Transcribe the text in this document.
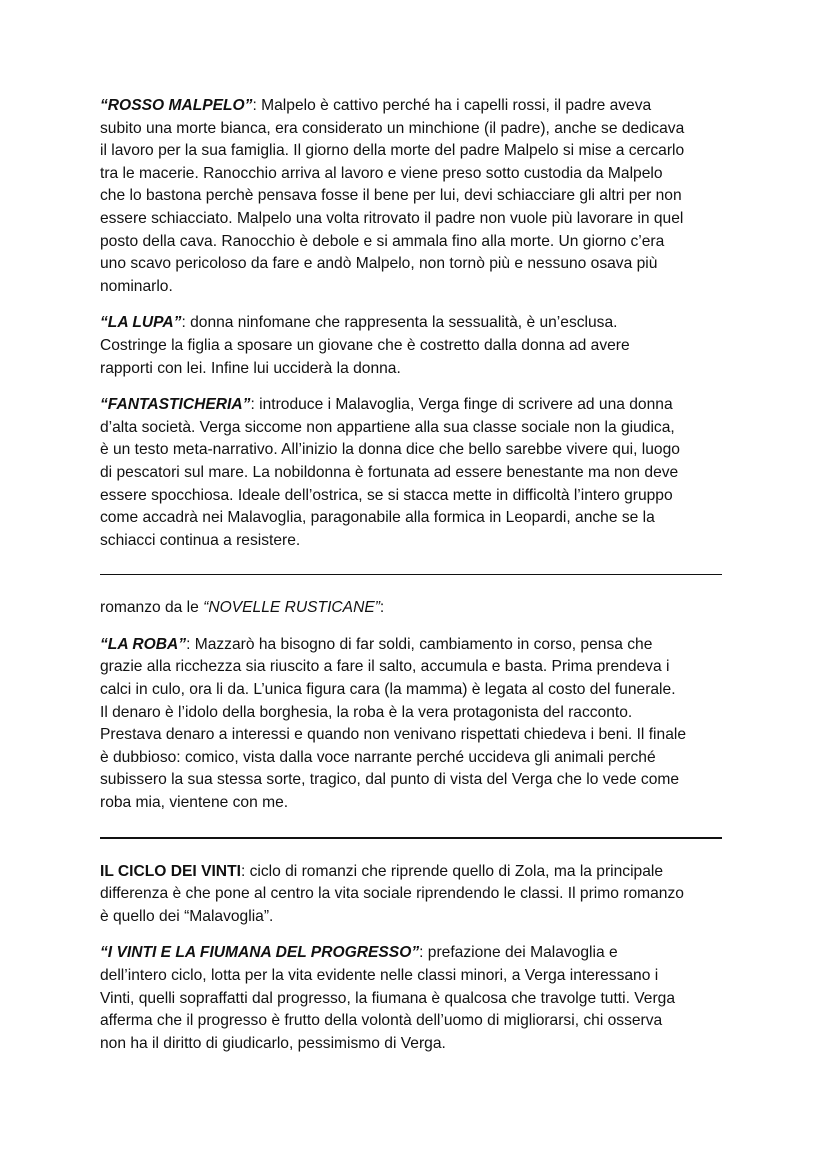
“ROSSO MALPELO”: Malpelo è cattivo perché ha i capelli rossi, il padre aveva
subito una morte bianca, era considerato un minchione (il padre), anche se dedicava
il lavoro per la sua famiglia. Il giorno della morte del padre Malpelo si mise a cercarlo
tra le macerie. Ranocchio arriva al lavoro e viene preso sotto custodia da Malpelo
che lo bastona perchè pensava fosse il bene per lui, devi schiacciare gli altri per non
essere schiacciato. Malpelo una volta ritrovato il padre non vuole più lavorare in quel
posto della cava. Ranocchio è debole e si ammala fino alla morte. Un giorno c’era
uno scavo pericoloso da fare e andò Malpelo, non tornò più e nessuno osava più
nominarlo.

“LA LUPA”: donna ninfomane che rappresenta la sessualità, è un’esclusa.
Costringe la figlia a sposare un giovane che è costretto dalla donna ad avere
rapporti con lei. Infine lui ucciderà la donna.

“FANTASTICHERIA”: introduce i Malavoglia, Verga finge di scrivere ad una donna
d’alta società. Verga siccome non appartiene alla sua classe sociale non la giudica,
è un testo meta-narrativo. All’inizio la donna dice che bello sarebbe vivere qui, luogo
di pescatori sul mare. La nobildonna è fortunata ad essere benestante ma non deve
essere spocchiosa. Ideale dell’ostrica, se si stacca mette in difficoltà l’intero gruppo
come accadrà nei Malavoglia, paragonabile alla formica in Leopardi, anche se la
schiacci continua a resistere.

romanzo da le “NOVELLE RUSTICANE”:

“LA ROBA”: Mazzarò ha bisogno di far soldi, cambiamento in corso, pensa che
grazie alla ricchezza sia riuscito a fare il salto, accumula e basta. Prima prendeva i
calci in culo, ora li da. L’unica figura cara (la mamma) è legata al costo del funerale.
Il denaro è l’idolo della borghesia, la roba è la vera protagonista del racconto.
Prestava denaro a interessi e quando non venivano rispettati chiedeva i beni. Il finale
è dubbioso: comico, vista dalla voce narrante perché uccideva gli animali perché
subissero la sua stessa sorte, tragico, dal punto di vista del Verga che lo vede come
roba mia, vientene con me.

IL CICLO DEI VINTI: ciclo di romanzi che riprende quello di Zola, ma la principale
differenza è che pone al centro la vita sociale riprendendo le classi. Il primo romanzo
è quello dei “Malavoglia”.

“I VINTI E LA FIUMANA DEL PROGRESSO”: prefazione dei Malavoglia e
dell’intero ciclo, lotta per la vita evidente nelle classi minori, a Verga interessano i
Vinti, quelli sopraffatti dal progresso, la fiumana è qualcosa che travolge tutti. Verga
afferma che il progresso è frutto della volontà dell’uomo di migliorarsi, chi osserva
non ha il diritto di giudicarlo, pessimismo di Verga.
